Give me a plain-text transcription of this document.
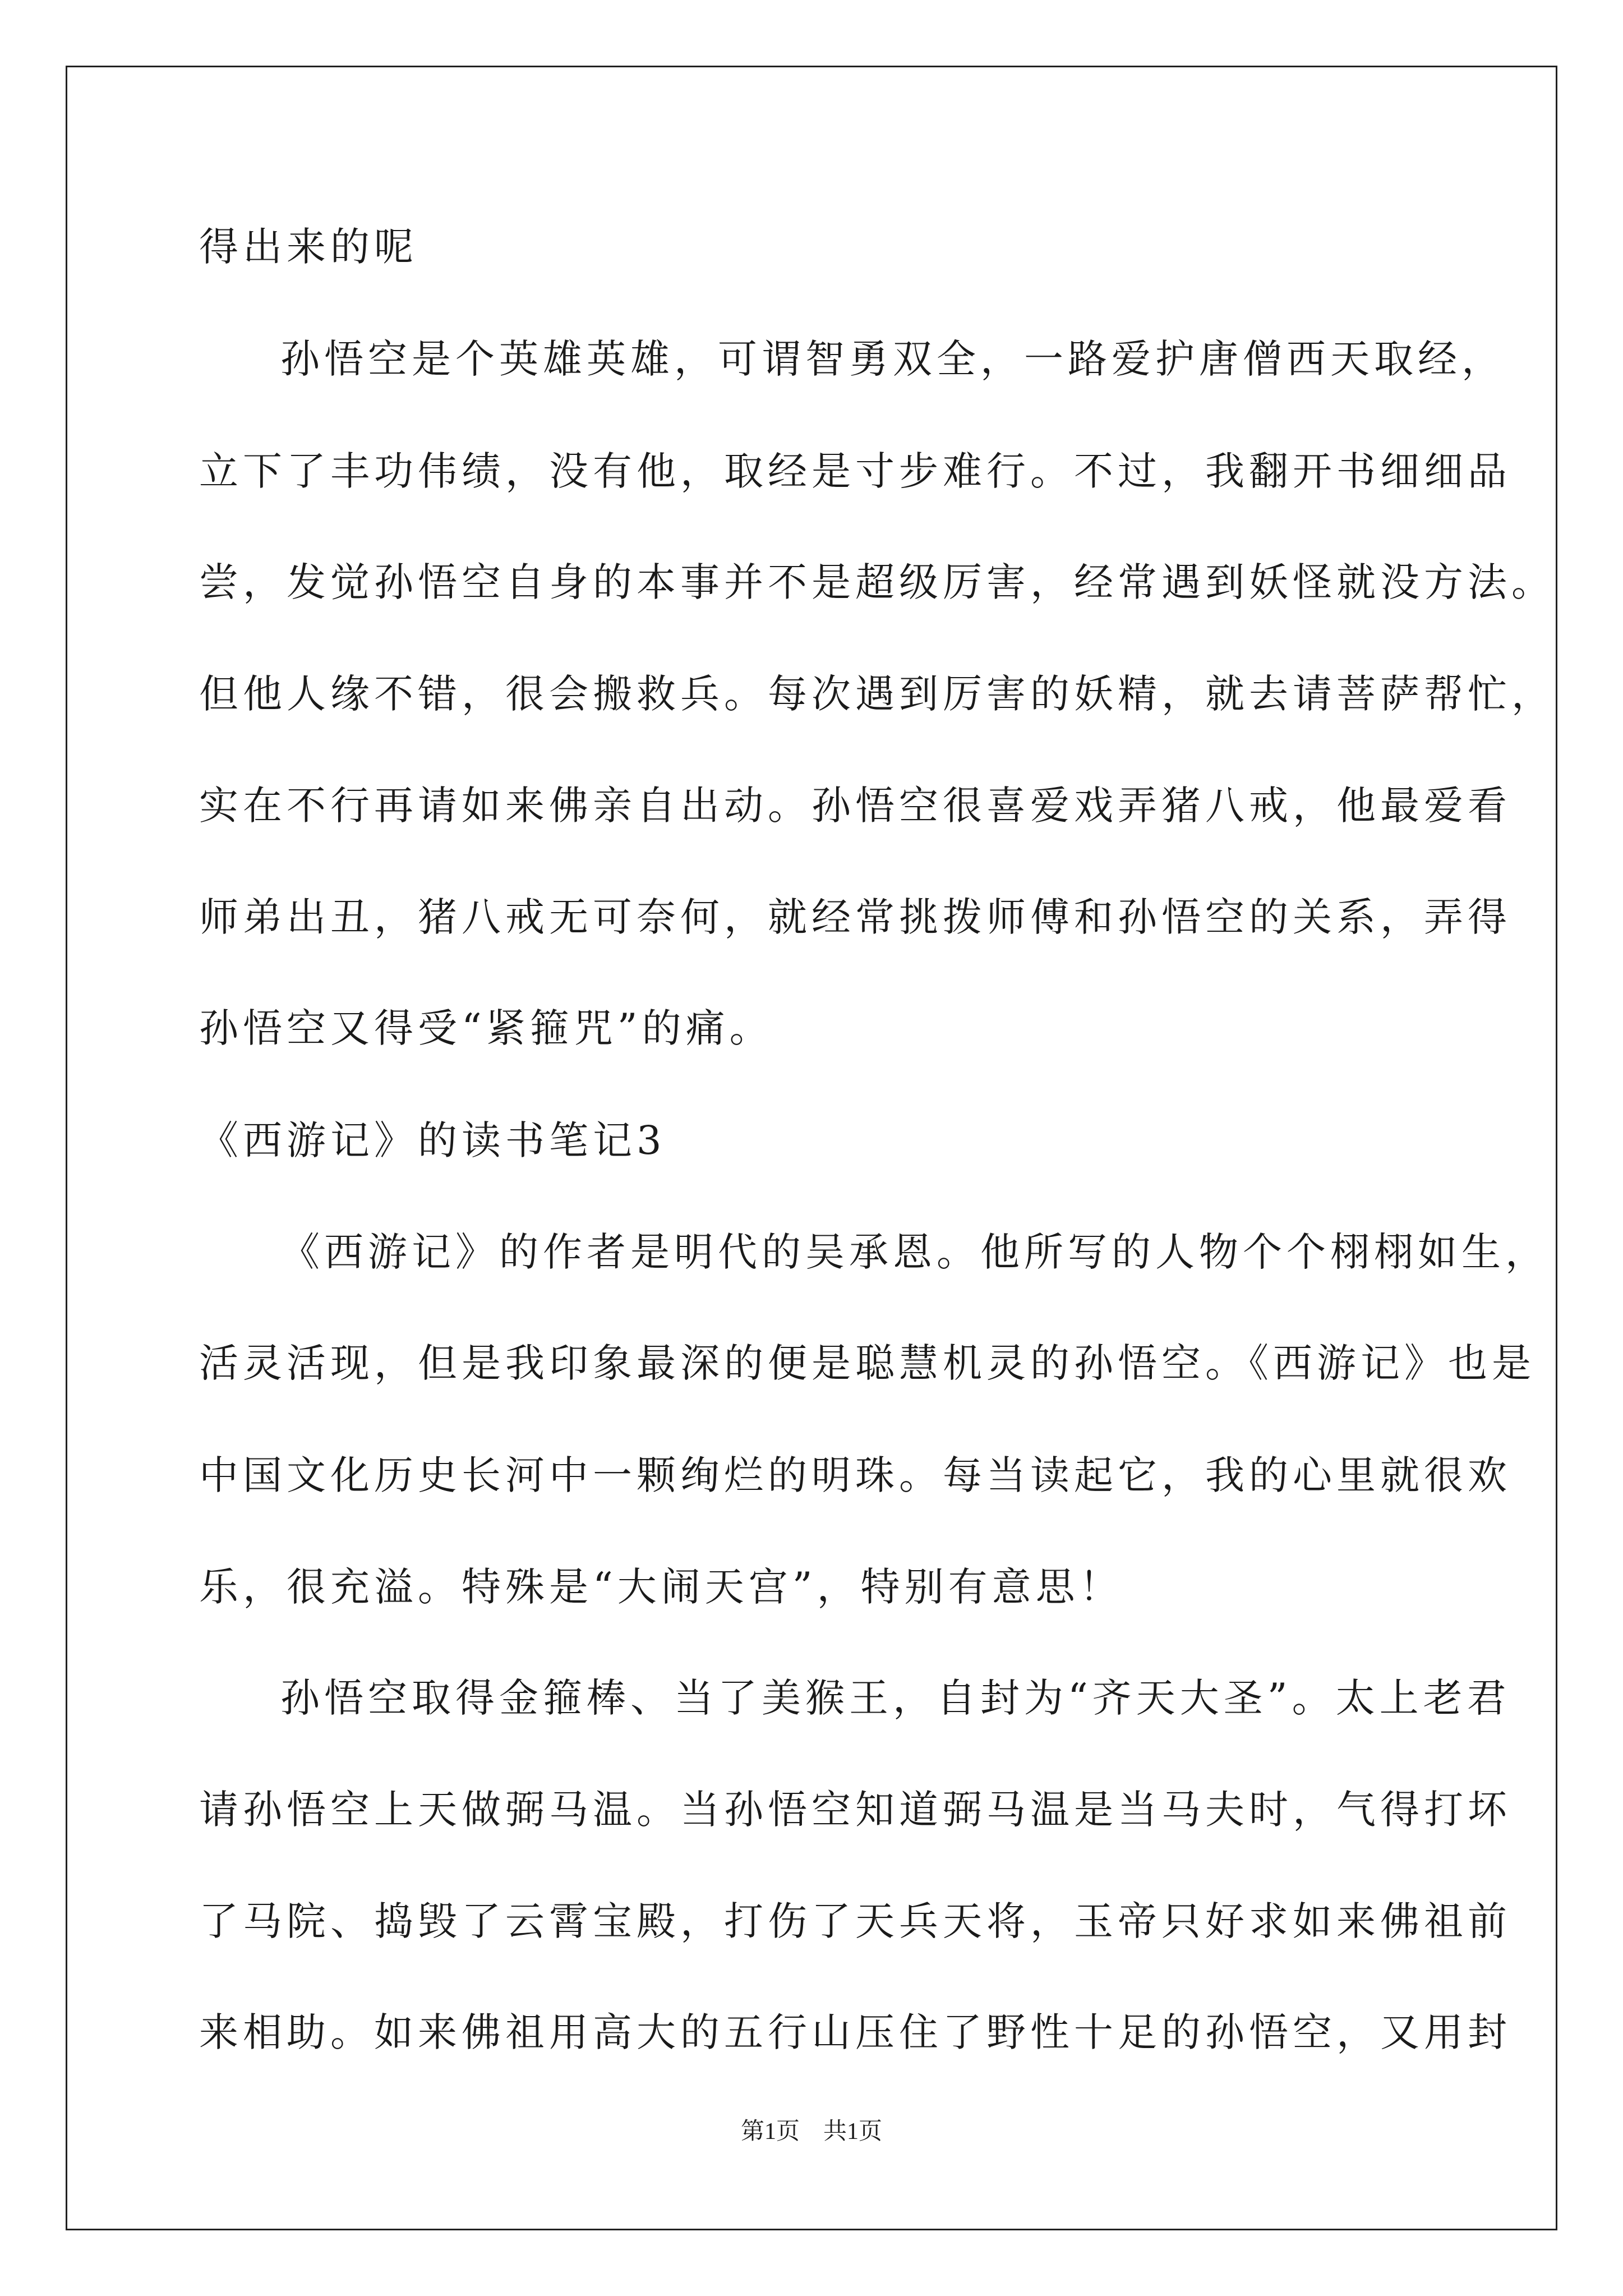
得出来的呢
孙悟空是个英雄英雄，可谓智勇双全，一路爱护唐僧西天取经，
立下了丰功伟绩，没有他，取经是寸步难行。不过，我翻开书细细品
尝，发觉孙悟空自身的本事并不是超级厉害，经常遇到妖怪就没方法。
但他人缘不错，很会搬救兵。每次遇到厉害的妖精，就去请菩萨帮忙，
实在不行再请如来佛亲自出动。孙悟空很喜爱戏弄猪八戒，他最爱看
师弟出丑，猪八戒无可奈何，就经常挑拨师傅和孙悟空的关系，弄得
孙悟空又得受“紧箍咒”的痛。
《西游记》的读书笔记3
《西游记》的作者是明代的吴承恩。他所写的人物个个栩栩如生，
活灵活现，但是我印象最深的便是聪慧机灵的孙悟空。《西游记》也是
中国文化历史长河中一颗绚烂的明珠。每当读起它，我的心里就很欢
乐，很充溢。特殊是“大闹天宫”，特别有意思！
孙悟空取得金箍棒、当了美猴王，自封为“齐天大圣”。太上老君
请孙悟空上天做弼马温。当孙悟空知道弼马温是当马夫时，气得打坏
了马院、捣毁了云霄宝殿，打伤了天兵天将，玉帝只好求如来佛祖前
来相助。如来佛祖用高大的五行山压住了野性十足的孙悟空，又用封
第1页　共1页
